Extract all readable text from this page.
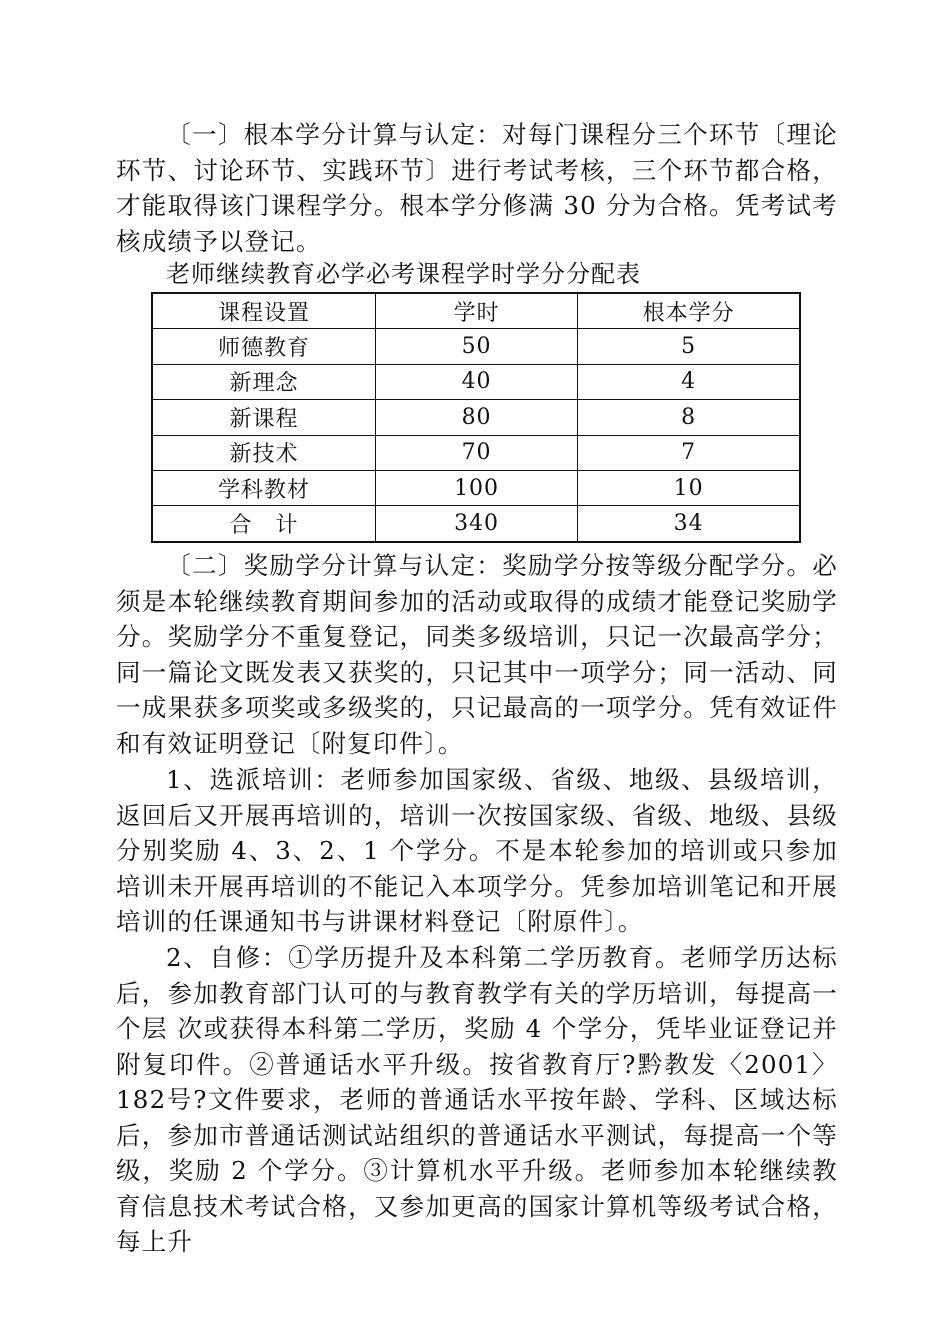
〔一〕根本学分计算与认定：对每门课程分三个环节〔理论环节、讨论环节、实践环节〕进行考试考核，三个环节都合格，才能取得该门课程学分。根本学分修满 30 分为合格。凭考试考核成绩予以登记。

老师继续教育必学必考课程学时学分分配表
课程设置	学时	根本学分
师德教育	50	5
新理念	40	4
新课程	80	8
新技术	70	7
学科教材	100	10
合　计	340	34

〔二〕奖励学分计算与认定：奖励学分按等级分配学分。必须是本轮继续教育期间参加的活动或取得的成绩才能登记奖励学分。奖励学分不重复登记，同类多级培训，只记一次最高学分；同一篇论文既发表又获奖的，只记其中一项学分；同一活动、同一成果获多项奖或多级奖的，只记最高的一项学分。凭有效证件和有效证明登记〔附复印件〕。

1、选派培训：老师参加国家级、省级、地级、县级培训，返回后又开展再培训的，培训一次按国家级、省级、地级、县级分别奖励 4、3、2、1 个学分。不是本轮参加的培训或只参加培训未开展再培训的不能记入本项学分。凭参加培训笔记和开展培训的任课通知书与讲课材料登记〔附原件〕。

2、自修：①学历提升及本科第二学历教育。老师学历达标后，参加教育部门认可的与教育教学有关的学历培训，每提高一个层 次或获得本科第二学历，奖励 4 个学分，凭毕业证登记并附复印件。②普通话水平升级。按省教育厅?黔教发〈2001〉182号?文件要求，老师的普通话水平按年龄、学科、区域达标后，参加市普通话测试站组织的普通话水平测试，每提高一个等级，奖励 2 个学分。③计算机水平升级。老师参加本轮继续教育信息技术考试合格，又参加更高的国家计算机等级考试合格，每上升
